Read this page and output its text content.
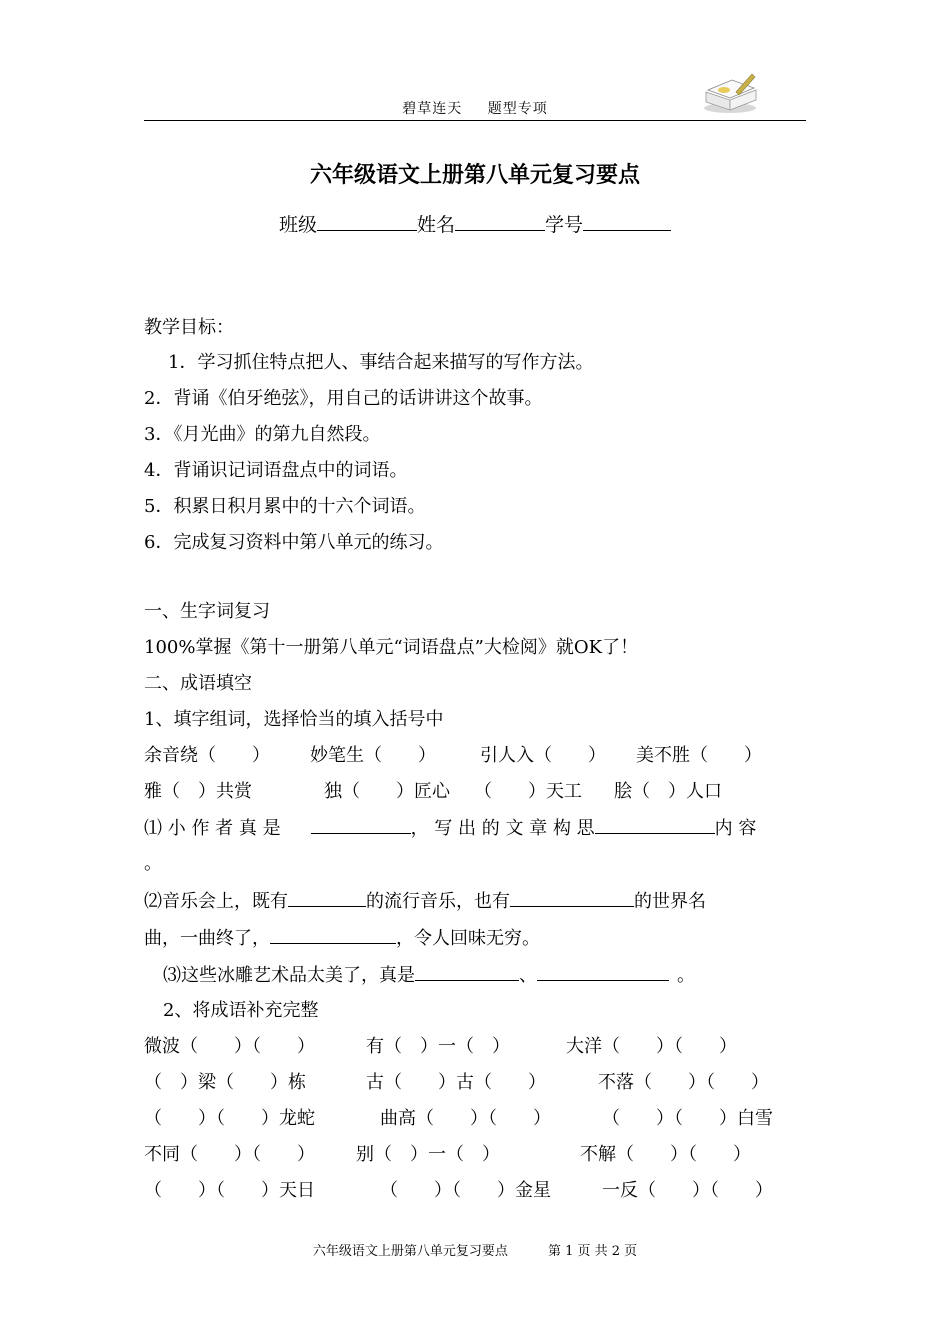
碧草连天 题型专项
六年级语文上册第八单元复习要点
班级	姓名	学号
教学目标：
1．学习抓住特点把人、事结合起来描写的写作方法。
2．背诵《伯牙绝弦》，用自己的话讲讲这个故事。
3．《月光曲》的第九自然段。
4．背诵识记词语盘点中的词语。
5．积累日积月累中的十六个词语。
6．完成复习资料中第八单元的练习。
一、生字词复习
100%掌握《第十一册第八单元“词语盘点”大检阅》就OK了！
二、成语填空
1、填字组词，选择恰当的填入括号中
余音绕（　　） 妙笔生（　　） 引人入（　　） 美不胜（　　）
雅（　）共赏	独（　　）匠心 （　　）天工 脍（　）人口
⑴ 小 作 者 真 是	， 写 出 的 文 章 构 思	内 容
。
⑵音乐会上，既有	的流行音乐，也有	的世界名
曲，一曲终了，	，令人回味无穷。
⑶这些冰雕艺术品太美了，真是	、	。
2、将成语补充完整
微波（　　）（　　）	有（　）一（　）	大洋（　　）（　　）
（　）梁（　　）栋	古（　　）古（　　）	不落（　　）（　　）
（　　）（　　）龙蛇	曲高（　　）（　　）	（　　）（　　）白雪
不同（　　）（　　） 别（　）一（　）	不解（　　）（　　）
（　　）（　　）天日	（　　）（　　）金星	一反（　　）（　　）
六年级语文上册第八单元复习要点	第 1 页 共 2 页
